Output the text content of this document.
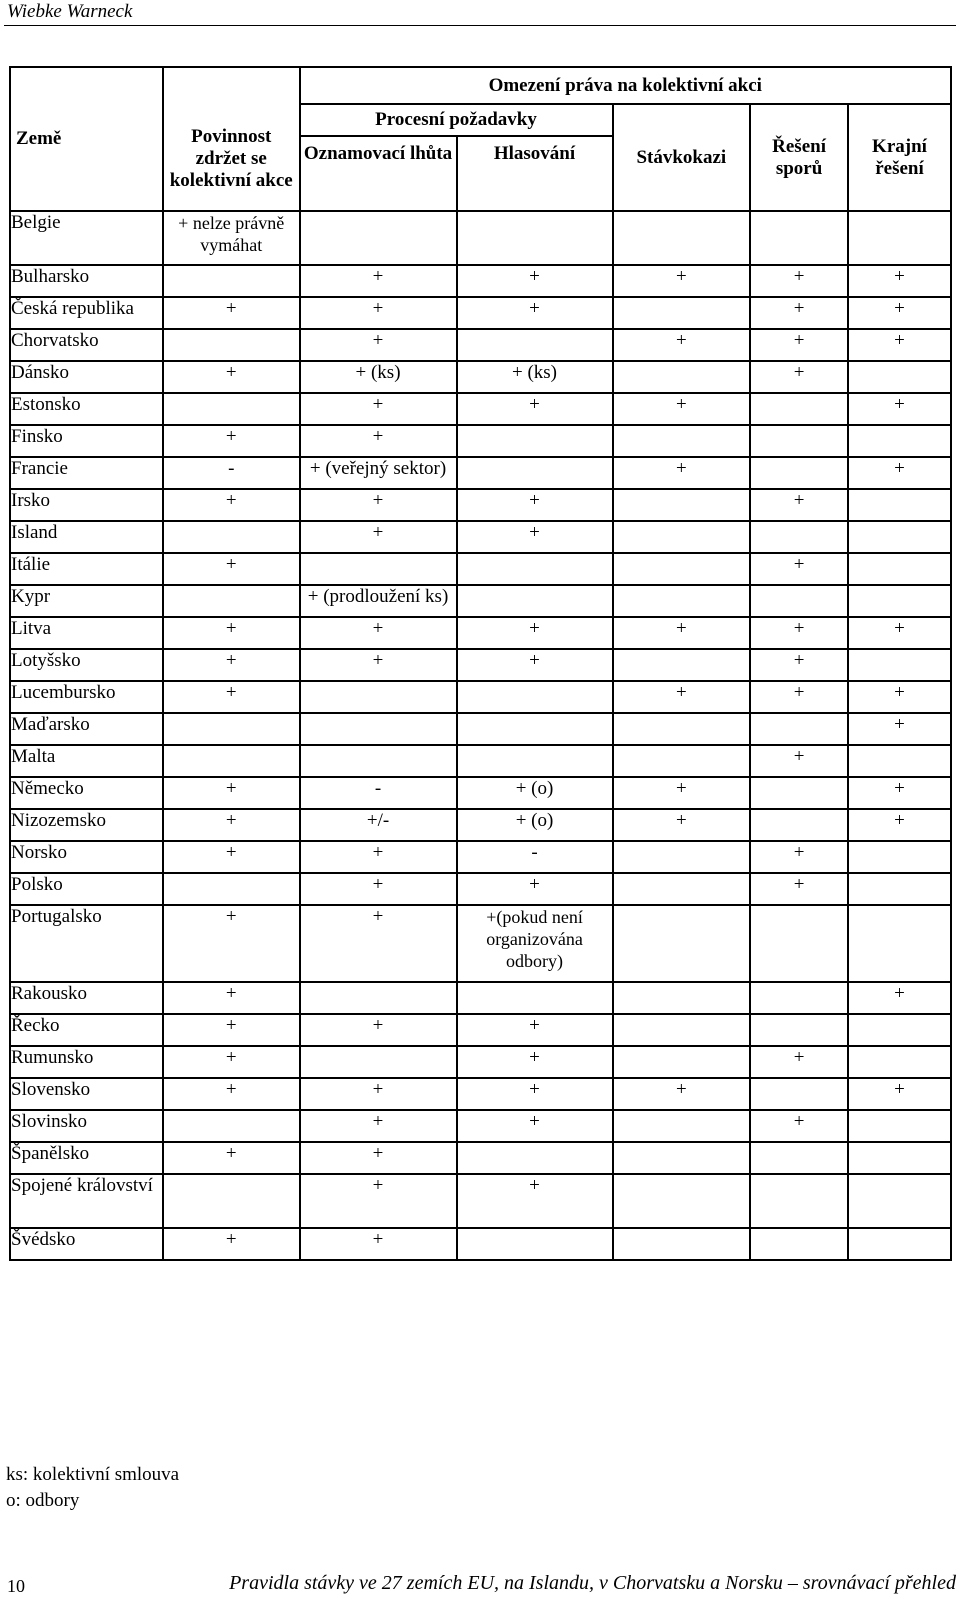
Wiebke Warneck
Země	Povinnost zdržet se kolektivní akce	Omezení práva na kolektivní akci				
		Procesní požadavky		Stávkokazi	Řešení sporů	Krajní řešení
		Oznamovací lhůta	Hlasování			
Belgie	+ nelze právně vymáhat					
Bulharsko		+	+	+	+	+
Česká republika	+	+	+		+	+
Chorvatsko		+		+	+	+
Dánsko	+	+ (ks)	+ (ks)		+	
Estonsko		+	+	+		+
Finsko	+	+				
Francie	-	+ (veřejný sektor)		+		+
Irsko	+	+	+		+	
Island		+	+			
Itálie	+				+	
Kypr		+ (prodloužení ks)				
Litva	+	+	+	+	+	+
Lotyšsko	+	+	+		+	
Lucembursko	+			+	+	+
Maďarsko						+
Malta					+	
Německo	+	-	+ (o)	+		+
Nizozemsko	+	+/-	+ (o)	+		+
Norsko	+	+	-		+	
Polsko		+	+		+	
Portugalsko	+	+	+(pokud není organizována odbory)			
Rakousko	+					+
Řecko	+	+	+			
Rumunsko	+		+		+	
Slovensko	+	+	+	+		+
Slovinsko		+	+		+	
Španělsko	+	+				
Spojené království		+	+			
Švédsko	+	+				
ks: kolektivní smlouva
o: odbory
10	Pravidla stávky ve 27 zemích EU, na Islandu, v Chorvatsku a Norsku – srovnávací přehled
